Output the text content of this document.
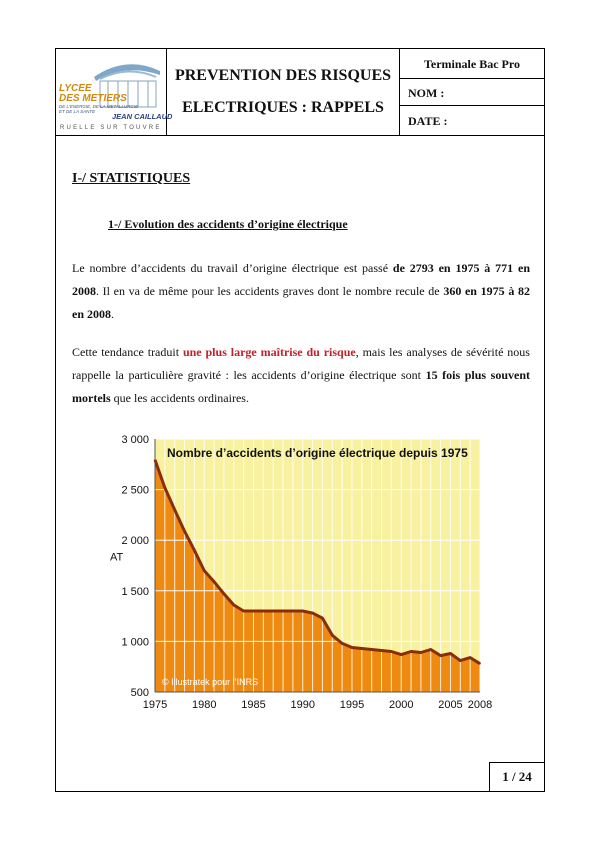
LYCEE
DES METIERS
DE L'ENERGIE, DE LA METALLURGIE
ET DE LA SANTE
JEAN CAILLAUD
RUELLE SUR TOUVRE
PREVENTION DES RISQUES
ELECTRIQUES : RAPPELS
Terminale Bac Pro
NOM :
DATE :
I-/ STATISTIQUES
1-/ Evolution des accidents d’origine électrique
Le nombre d’accidents du travail d’origine électrique est passé de 2793 en 1975 à 771 en 2008. Il en va de même pour les accidents graves dont le nombre recule de 360 en 1975 à 82 en 2008.
Cette tendance traduit une plus large maîtrise du risque, mais les analyses de sévérité nous rappelle la particulière gravité : les accidents d’origine électrique sont 15 fois plus souvent mortels que les accidents ordinaires.
3 000
2 500
2 000
1 500
1 000
500
1975 1980 1985 1990 1995 2000 2005 2008
AT
Nombre d’accidents d’origine électrique depuis 1975
© Illustratek pour l’INRS
1 / 24
